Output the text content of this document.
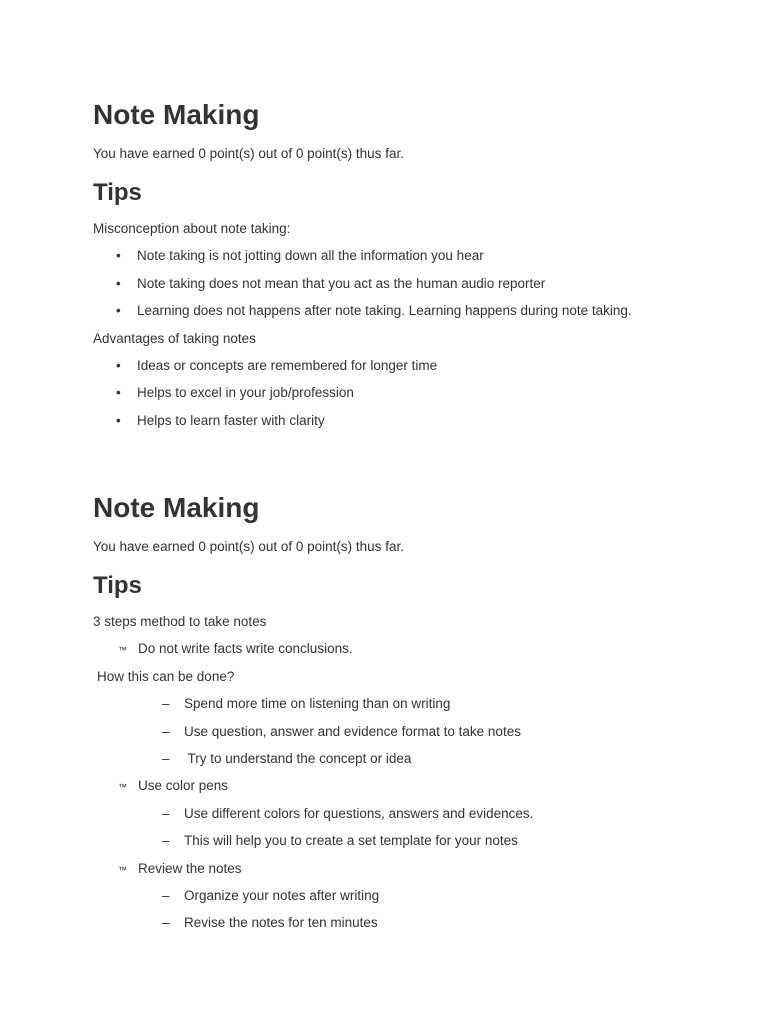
Note Making
You have earned 0 point(s) out of 0 point(s) thus far.
Tips
Misconception about note taking:
• Note taking is not jotting down all the information you hear
• Note taking does not mean that you act as the human audio reporter
• Learning does not happens after note taking. Learning happens during note taking.
Advantages of taking notes
• Ideas or concepts are remembered for longer time
• Helps to excel in your job/profession
• Helps to learn faster with clarity
Note Making
You have earned 0 point(s) out of 0 point(s) thus far.
Tips
3 steps method to take notes
™ Do not write facts write conclusions.
How this can be done?
– Spend more time on listening than on writing
– Use question, answer and evidence format to take notes
– Try to understand the concept or idea
™ Use color pens
– Use different colors for questions, answers and evidences.
– This will help you to create a set template for your notes
™ Review the notes
– Organize your notes after writing
– Revise the notes for ten minutes
